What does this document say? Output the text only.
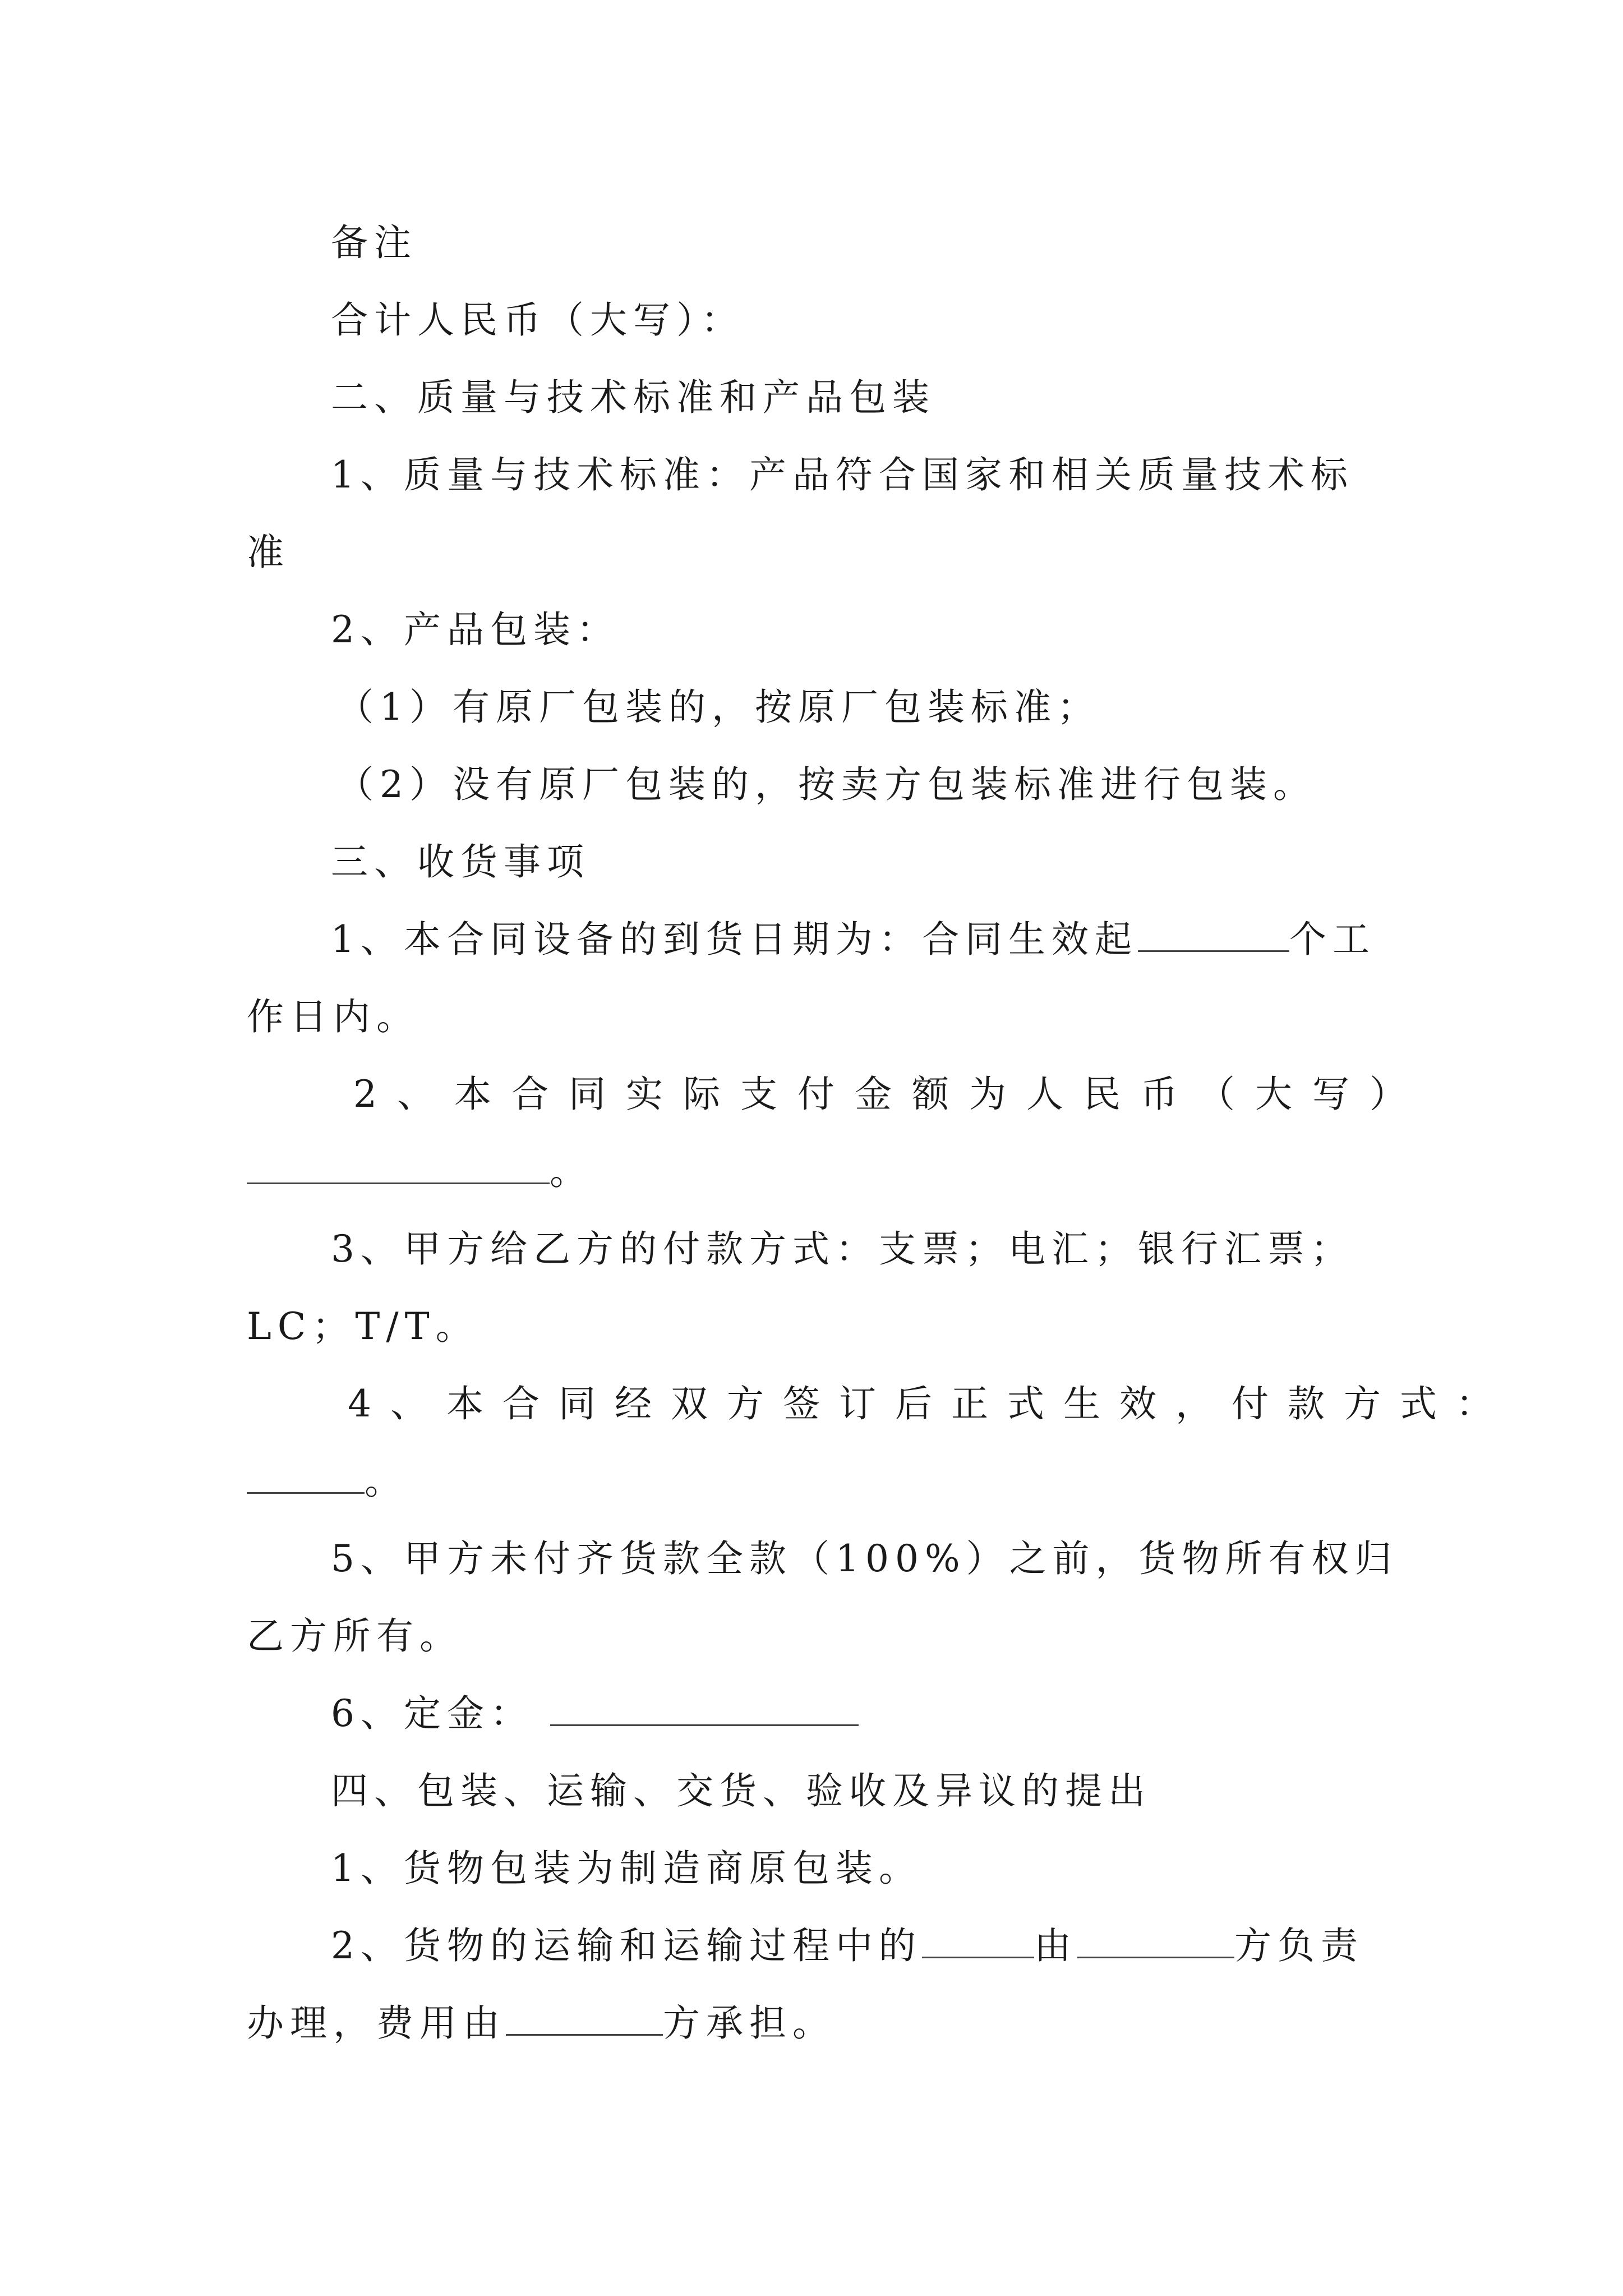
备注
合计人民币（大写）：
二、质量与技术标准和产品包装
1、质量与技术标准：产品符合国家和相关质量技术标
准
2、产品包装：
（1）有原厂包装的，按原厂包装标准；
（2）没有原厂包装的，按卖方包装标准进行包装。
三、收货事项
1、本合同设备的到货日期为：合同生效起	个工
作日内。
2、本合同实际支付金额为人民币（大写）
。
3、甲方给乙方的付款方式：支票；电汇；银行汇票；
LC；T/T。
4、本合同经双方签订后正式生效，付款方式：
。
5、甲方未付齐货款全款（100%）之前，货物所有权归
乙方所有。
6、定金：
四、包装、运输、交货、验收及异议的提出
1、货物包装为制造商原包装。
2、货物的运输和运输过程中的	由	方负责
办理，费用由	方承担。
